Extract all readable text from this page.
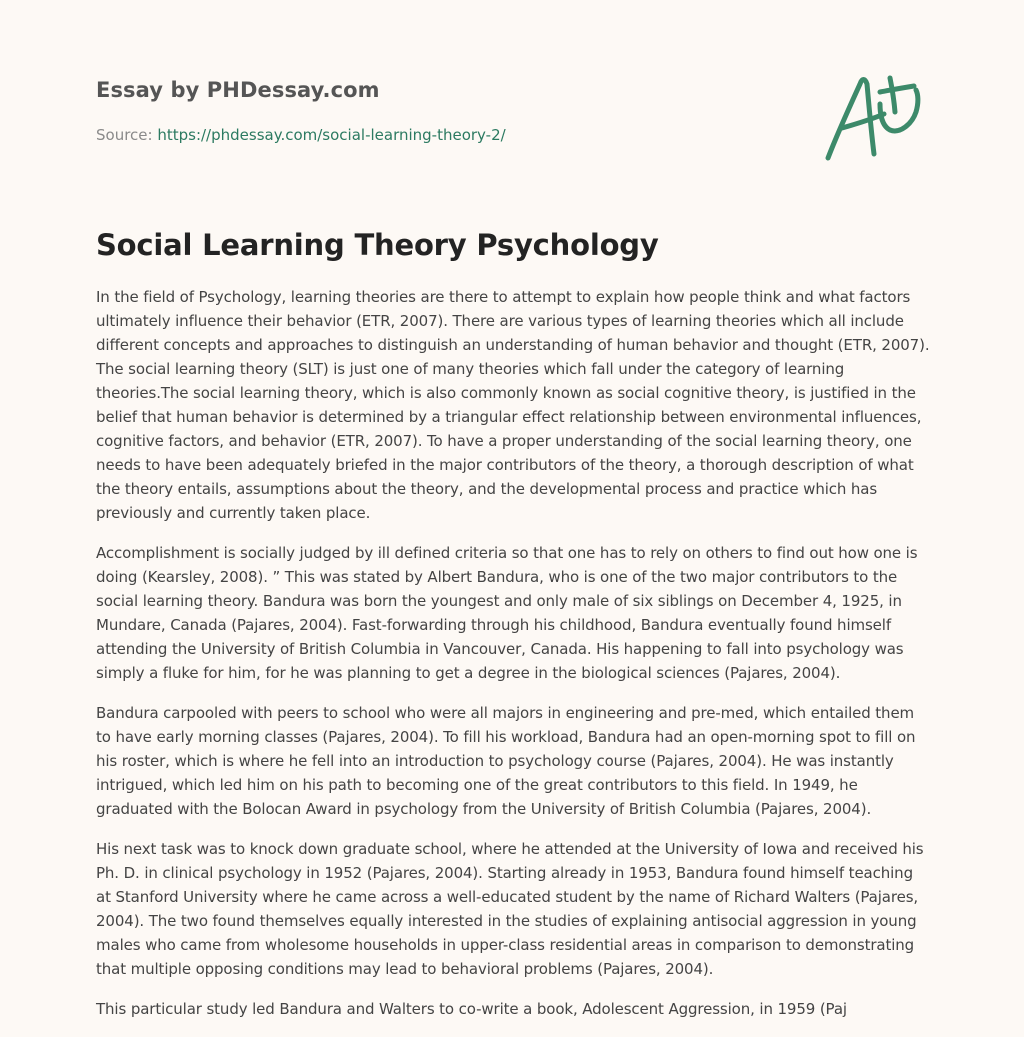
Essay by PHDessay.com
Source: https://phdessay.com/social-learning-theory-2/
Social Learning Theory Psychology

In the field of Psychology, learning theories are there to attempt to explain how people think and what factors ultimately influence their behavior (ETR, 2007). There are various types of learning theories which all include different concepts and approaches to distinguish an understanding of human behavior and thought (ETR, 2007). The social learning theory (SLT) is just one of many theories which fall under the category of learning theories.The social learning theory, which is also commonly known as social cognitive theory, is justified in the belief that human behavior is determined by a triangular effect relationship between environmental influences, cognitive factors, and behavior (ETR, 2007). To have a proper understanding of the social learning theory, one needs to have been adequately briefed in the major contributors of the theory, a thorough description of what the theory entails, assumptions about the theory, and the developmental process and practice which has previously and currently taken place.

Accomplishment is socially judged by ill defined criteria so that one has to rely on others to find out how one is doing (Kearsley, 2008). ” This was stated by Albert Bandura, who is one of the two major contributors to the social learning theory. Bandura was born the youngest and only male of six siblings on December 4, 1925, in Mundare, Canada (Pajares, 2004). Fast-forwarding through his childhood, Bandura eventually found himself attending the University of British Columbia in Vancouver, Canada. His happening to fall into psychology was simply a fluke for him, for he was planning to get a degree in the biological sciences (Pajares, 2004).

Bandura carpooled with peers to school who were all majors in engineering and pre-med, which entailed them to have early morning classes (Pajares, 2004). To fill his workload, Bandura had an open-morning spot to fill on his roster, which is where he fell into an introduction to psychology course (Pajares, 2004). He was instantly intrigued, which led him on his path to becoming one of the great contributors to this field. In 1949, he graduated with the Bolocan Award in psychology from the University of British Columbia (Pajares, 2004).

His next task was to knock down graduate school, where he attended at the University of Iowa and received his Ph. D. in clinical psychology in 1952 (Pajares, 2004). Starting already in 1953, Bandura found himself teaching at Stanford University where he came across a well-educated student by the name of Richard Walters (Pajares, 2004). The two found themselves equally interested in the studies of explaining antisocial aggression in young males who came from wholesome households in upper-class residential areas in comparison to demonstrating that multiple opposing conditions may lead to behavioral problems (Pajares, 2004).

This particular study led Bandura and Walters to co-write a book, Adolescent Aggression, in 1959 (Paj
